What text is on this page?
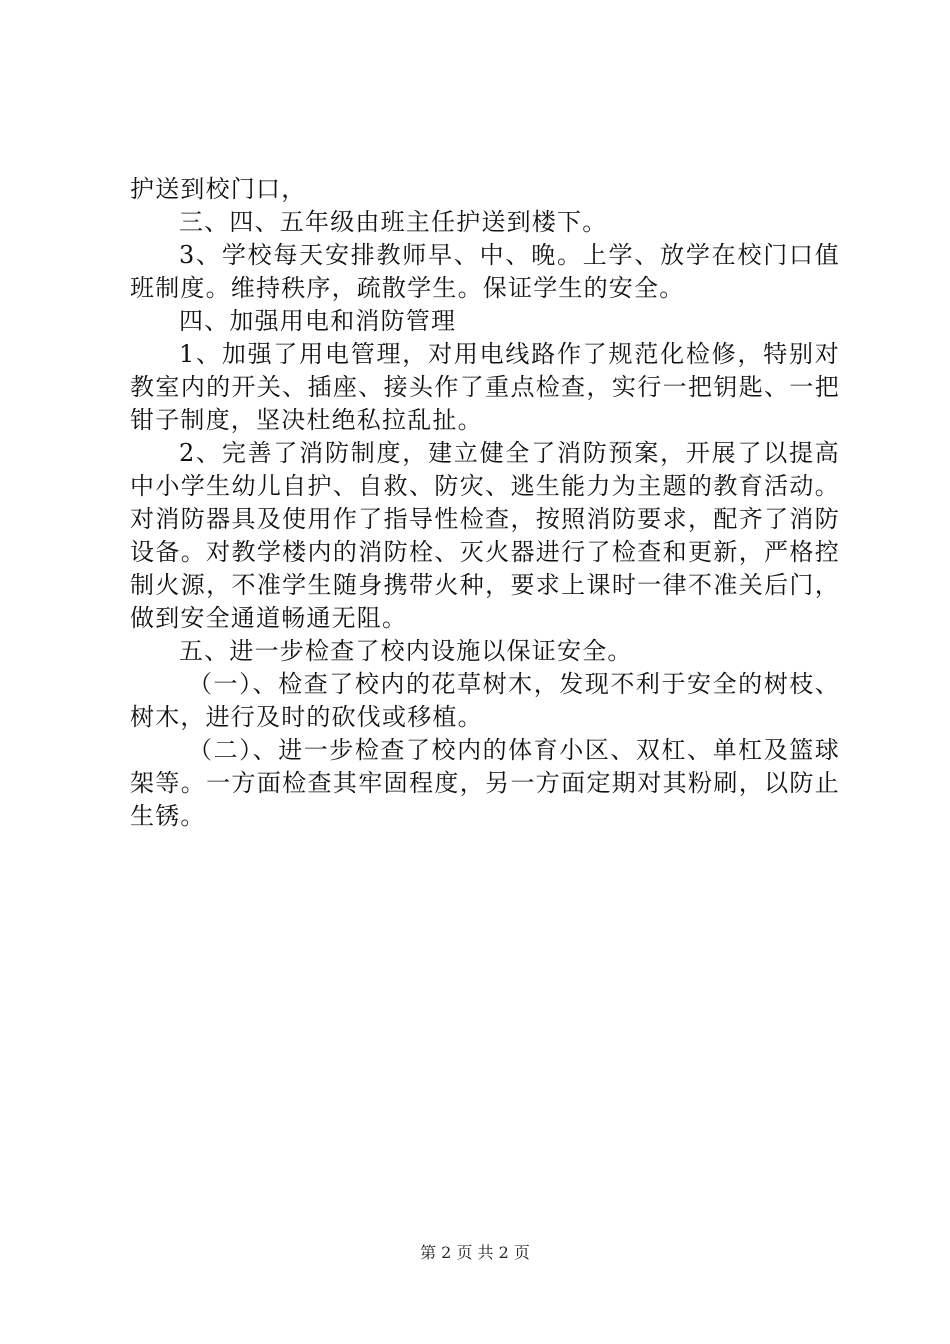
护送到校门口，

三、四、五年级由班主任护送到楼下。

3、学校每天安排教师早、中、晚。上学、放学在校门口值班制度。维持秩序，疏散学生。保证学生的安全。

四、加强用电和消防管理

1、加强了用电管理，对用电线路作了规范化检修，特别对教室内的开关、插座、接头作了重点检查，实行一把钥匙、一把钳子制度，坚决杜绝私拉乱扯。

2、完善了消防制度，建立健全了消防预案，开展了以提高中小学生幼儿自护、自救、防灾、逃生能力为主题的教育活动。对消防器具及使用作了指导性检查，按照消防要求，配齐了消防设备。对教学楼内的消防栓、灭火器进行了检查和更新，严格控制火源，不准学生随身携带火种，要求上课时一律不准关后门，做到安全通道畅通无阻。

五、进一步检查了校内设施以保证安全。

（一）、检查了校内的花草树木，发现不利于安全的树枝、树木，进行及时的砍伐或移植。

（二）、进一步检查了校内的体育小区、双杠、单杠及篮球架等。一方面检查其牢固程度，另一方面定期对其粉刷，以防止生锈。

第 2 页 共 2 页
